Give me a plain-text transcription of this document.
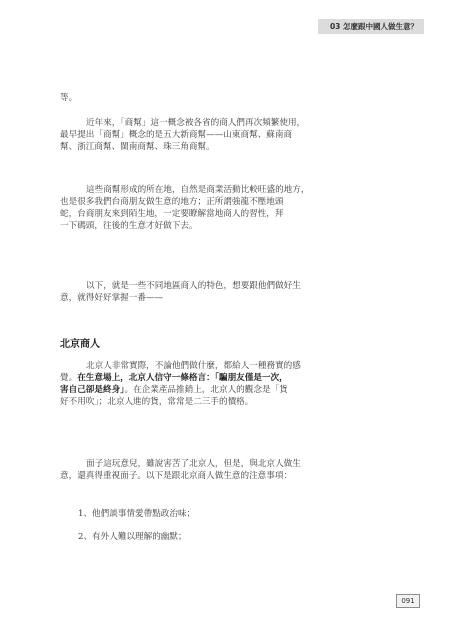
03 怎麼跟中國人做生意？
等。
近年來，「商幫」這一概念被各省的商人們再次頻繁使用，
最早提出「商幫」概念的是五大新商幫——山東商幫、蘇南商
幫、浙江商幫、閩南商幫、珠三角商幫。
這些商幫形成的所在地，自然是商業活動比較旺盛的地方，
也是很多我們台商朋友做生意的地方；正所謂強龍不壓地頭
蛇，台商朋友來到陌生地，一定要瞭解當地商人的習性，拜
一下碼頭，往後的生意才好做下去。
以下，就是一些不同地區商人的特色，想要跟他們做好生
意，就得好好掌握一番——
北京商人
北京人非常實際，不論他們做什麼，都給人一種務實的感
覺。在生意場上，北京人信守一條格言：「騙朋友僅是一次，
害自己卻是終身」。在企業產品推銷上，北京人的觀念是「貨
好不用吹」；北京人進的貨，常常是二三手的價格。
面子這玩意兒，雖說害苦了北京人，但是，與北京人做生
意，還真得重視面子。以下是跟北京商人做生意的注意事項：
1、他們談事情愛帶點政治味；
2、有外人難以理解的幽默；
091
